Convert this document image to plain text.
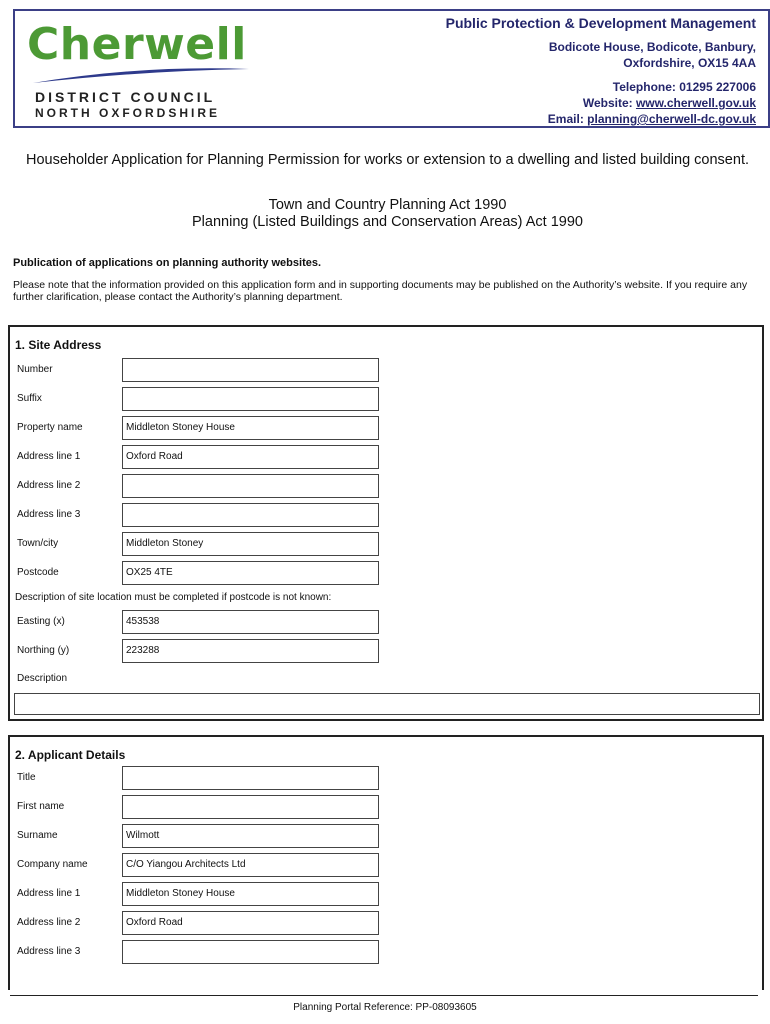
Cherwell
DISTRICT COUNCIL
NORTH OXFORDSHIRE
Public Protection & Development Management
Bodicote House, Bodicote, Banbury,
Oxfordshire, OX15 4AA
Telephone: 01295 227006
Website: www.cherwell.gov.uk
Email: planning@cherwell-dc.gov.uk
Householder Application for Planning Permission for works or extension to a dwelling and listed building consent.
Town and Country Planning Act 1990
Planning (Listed Buildings and Conservation Areas) Act 1990
Publication of applications on planning authority websites.
Please note that the information provided on this application form and in supporting documents may be published on the Authority’s website. If you require any further clarification, please contact the Authority’s planning department.
1. Site Address
Number
Suffix
Property name	Middleton Stoney House
Address line 1	Oxford Road
Address line 2
Address line 3
Town/city	Middleton Stoney
Postcode	OX25 4TE
Description of site location must be completed if postcode is not known:
Easting (x)	453538
Northing (y)	223288
Description
2. Applicant Details
Title
First name
Surname	Wilmott
Company name	C/O Yiangou Architects Ltd
Address line 1	Middleton Stoney House
Address line 2	Oxford Road
Address line 3
Planning Portal Reference: PP-08093605
